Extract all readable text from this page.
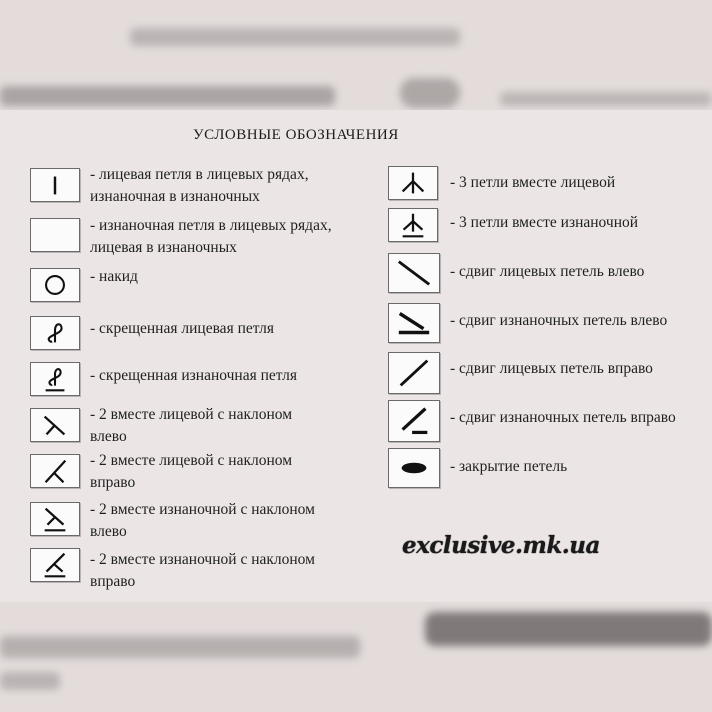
УСЛОВНЫЕ ОБОЗНАЧЕНИЯ
- лицевая петля в лицевых рядах,
изнаночная в изнаночных
- изнаночная петля в лицевых рядах,
лицевая в изнаночных
- накид
- скрещенная лицевая петля
- скрещенная изнаночная петля
- 2 вместе лицевой с наклоном
влево
- 2 вместе лицевой с наклоном
вправо
- 2 вместе изнаночной с наклоном
влево
- 2 вместе изнаночной с наклоном
вправо
- 3 петли вместе лицевой
- 3 петли вместе изнаночной
- сдвиг лицевых петель влево
- сдвиг изнаночных петель влево
- сдвиг лицевых петель вправо
- сдвиг изнаночных петель вправо
- закрытие петель
exclusive.mk.ua
